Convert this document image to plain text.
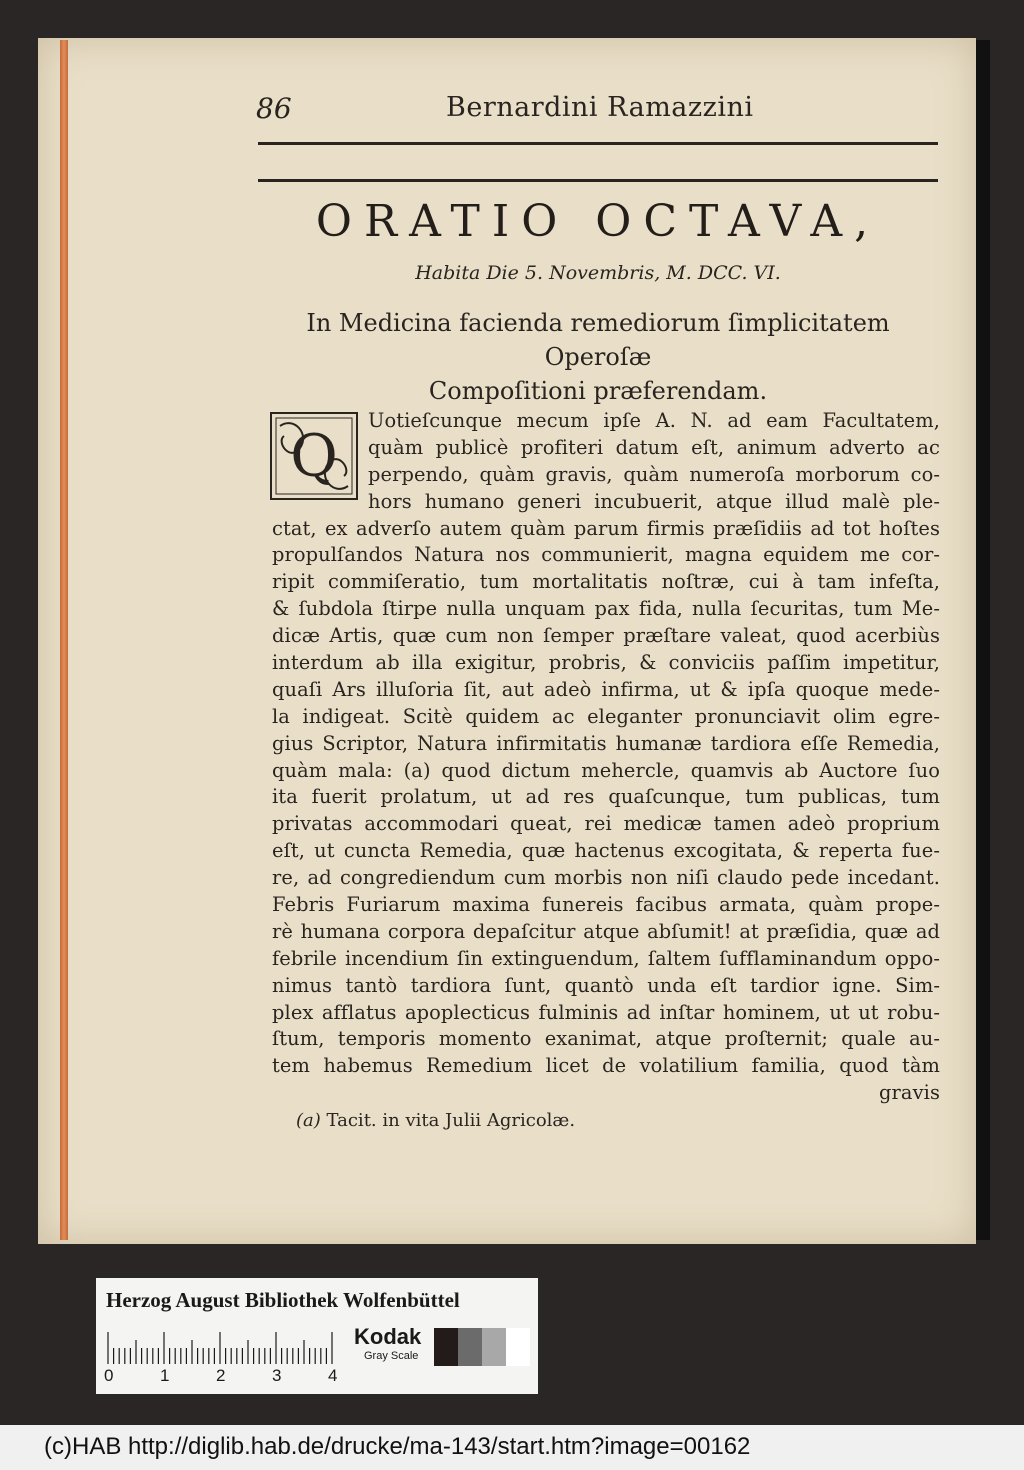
86	Bernardini Ramazzini
ORATIO OCTAVA,
Habita Die 5. Novembris, M. DCC. VI.
In Medicina facienda remediorum ſimplicitatem Operoſæ
Compoſitioni præferendam.
Q
Uotieſcunque mecum ipſe A. N. ad eam Facultatem,
quàm publicè profiteri datum eſt, animum adverto ac
perpendo, quàm gravis, quàm numeroſa morborum co-
hors humano generi incubuerit, atque illud malè ple-
ctat, ex adverſo autem quàm parum firmis præſidiis ad tot hoſtes
propulſandos Natura nos communierit, magna equidem me cor-
ripit commiſeratio, tum mortalitatis noſtræ, cui à tam infeſta,
& ſubdola ſtirpe nulla unquam pax fida, nulla ſecuritas, tum Me-
dicæ Artis, quæ cum non ſemper præſtare valeat, quod acerbiùs
interdum ab illa exigitur, probris, & conviciis paſſim impetitur,
quaſi Ars illuſoria ſit, aut adeò infirma, ut & ipſa quoque mede-
la indigeat. Scitè quidem ac eleganter pronunciavit olim egre-
gius Scriptor, Natura infirmitatis humanæ tardiora eſſe Remedia,
quàm mala: (a) quod dictum mehercle, quamvis ab Auctore ſuo
ita fuerit prolatum, ut ad res quaſcunque, tum publicas, tum
privatas accommodari queat, rei medicæ tamen adeò proprium
eſt, ut cuncta Remedia, quæ hactenus excogitata, & reperta fue-
re, ad congrediendum cum morbis non niſi claudo pede incedant.
Febris Furiarum maxima funereis facibus armata, quàm prope-
rè humana corpora depaſcitur atque abſumit! at præſidia, quæ ad
febrile incendium ſin extinguendum, ſaltem ſufflaminandum oppo-
nimus tantò tardiora ſunt, quantò unda eſt tardior igne. Sim-
plex afflatus apoplecticus fulminis ad inſtar hominem, ut ut robu-
ſtum, temporis momento exanimat, atque proſternit; quale au-
tem habemus Remedium licet de volatilium familia, quod tàm
gravis
(a) Tacit. in vita Julii Agricolæ.
Herzog August Bibliothek Wolfenbüttel
0	1	2	3	4
Kodak
Gray Scale
(c)HAB http://diglib.hab.de/drucke/ma-143/start.htm?image=00162
